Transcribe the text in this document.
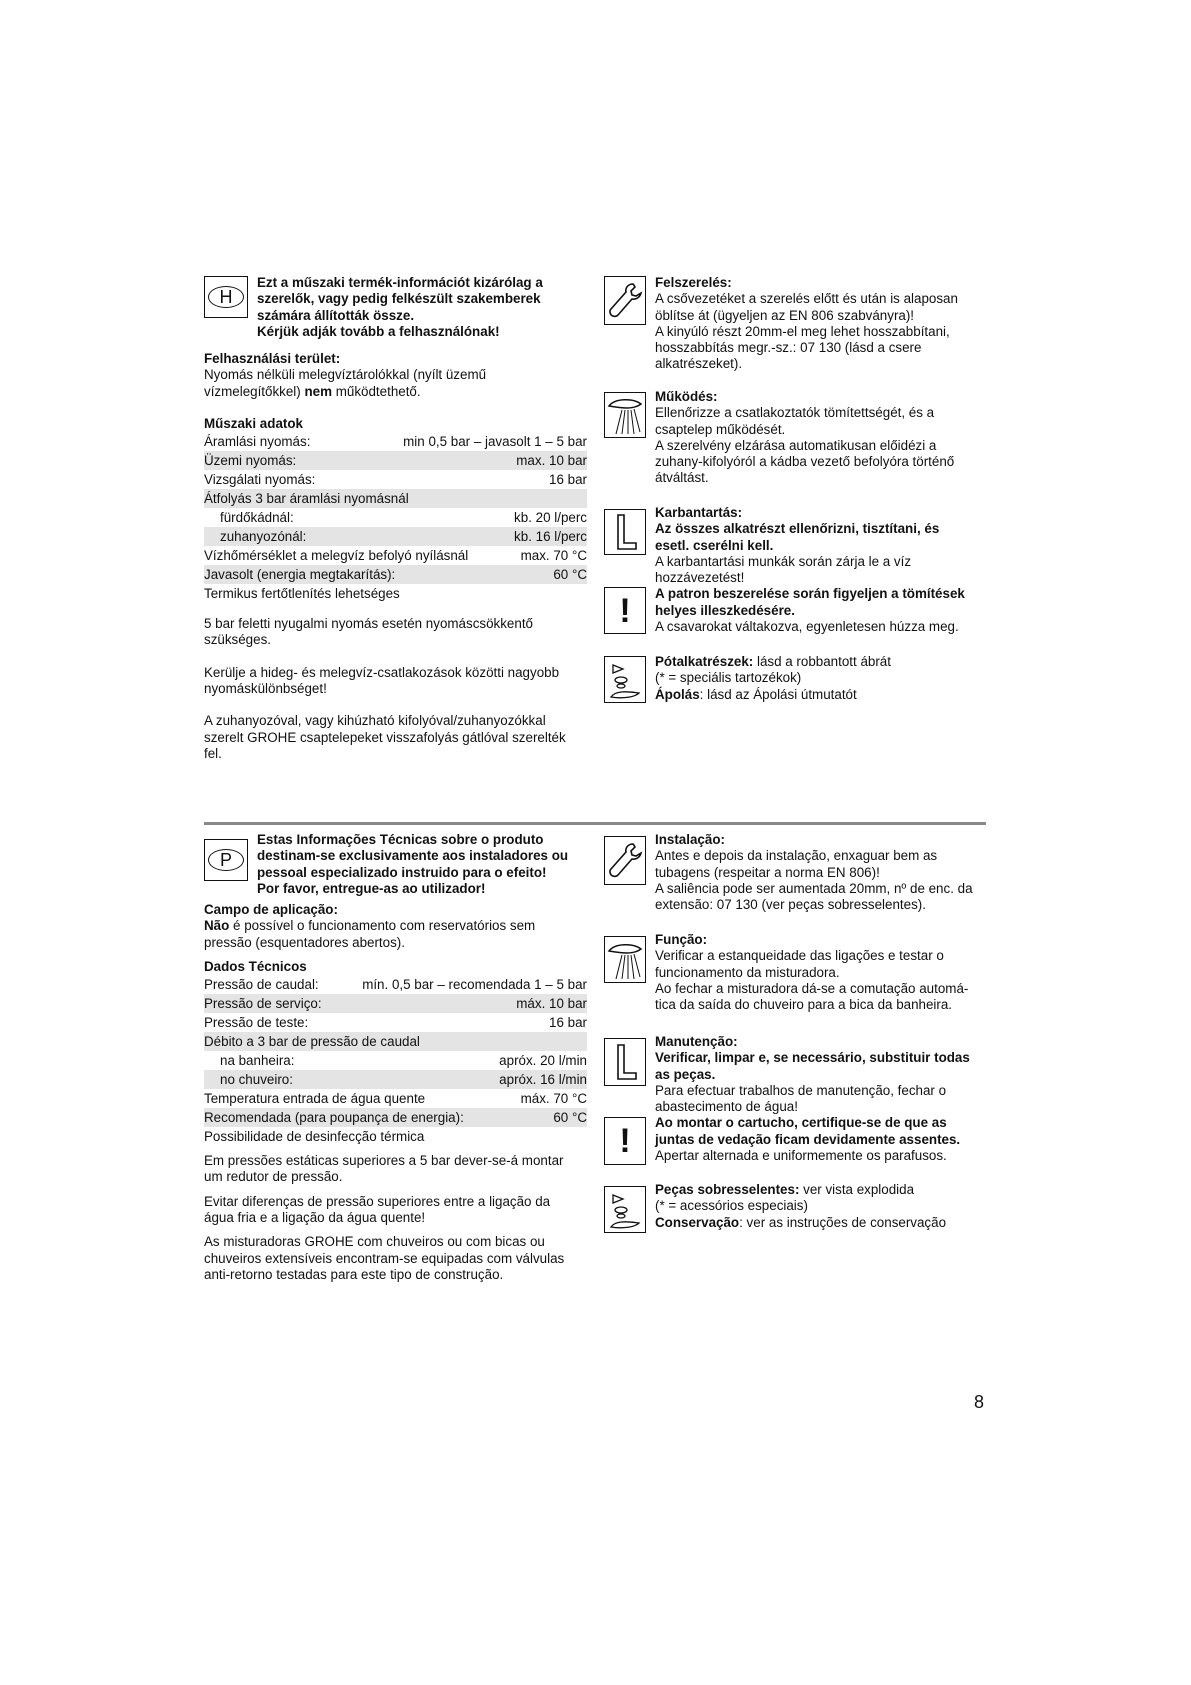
H
Ezt a műszaki termék-információt kizárólag a
szerelők, vagy pedig felkészült szakemberek
számára állították össze.
Kérjük adják tovább a felhasználónak!

Felhasználási terület:

Nyomás nélküli melegvíztárolókkal (nyílt üzemű

vízmelegítőkkel) nem működtethető.

Műszaki adatok

Áramlási nyomás:	min 0,5 bar – javasolt 1 – 5 bar
Üzemi nyomás:	max. 10 bar
Vizsgálati nyomás:	16 bar
Átfolyás 3 bar áramlási nyomásnál
fürdőkádnál:	kb. 20 l/perc
zuhanyozónál:	kb. 16 l/perc
Vízhőmérséklet a melegvíz befolyó nyílásnál	max. 70 °C
Javasolt (energia megtakarítás):	60 °C
Termikus fertőtlenítés lehetséges

5 bar feletti nyugalmi nyomás esetén nyomáscsökkentő

szükséges.

Kerülje a hideg- és melegvíz-csatlakozások közötti nagyobb

nyomáskülönbséget!

A zuhanyozóval, vagy kihúzható kifolyóval/zuhanyozókkal

szerelt GROHE csaptelepeket visszafolyás gátlóval szerelték

fel.

Felszerelés:
A csővezetéket a szerelés előtt és után is alaposan
öblítse át (ügyeljen az EN 806 szabványra)!
A kinyúló részt 20mm-el meg lehet hosszabbítani,
hosszabbítás megr.-sz.: 07 130 (lásd a csere
alkatrészeket).
Működés:
Ellenőrizze a csatlakoztatók tömítettségét, és a
csaptelep működését.
A szerelvény elzárása automatikusan előidézi a
zuhany-kifolyóról a kádba vezető befolyóra történő
átváltást.
Karbantartás:
Az összes alkatrészt ellenőrizni, tisztítani, és
esetl. cserélni kell.
A karbantartási munkák során zárja le a víz
hozzávezetést!
A patron beszerelése során figyeljen a tömítések
helyes illeszkedésére.
A csavarokat váltakozva, egyenletesen húzza meg.
!
Pótalkatrészek: lásd a robbantott ábrát
(* = speciális tartozékok)
Ápolás: lásd az Ápolási útmutatót
P
Estas Informações Técnicas sobre o produto
destinam-se exclusivamente aos instaladores ou
pessoal especializado instruido para o efeito!
Por favor, entregue-as ao utilizador!

Campo de aplicação:

Não é possível o funcionamento com reservatórios sem

pressão (esquentadores abertos).

Dados Técnicos

Pressão de caudal:	mín. 0,5 bar – recomendada 1 – 5 bar
Pressão de serviço:	máx. 10 bar
Pressão de teste:	16 bar
Débito a 3 bar de pressão de caudal
na banheira:	apróx. 20 l/min
no chuveiro:	apróx. 16 l/min
Temperatura entrada de água quente	máx. 70 °C
Recomendada (para poupança de energia):	60 °C
Possibilidade de desinfecção térmica

Em pressões estáticas superiores a 5 bar dever-se-á montar

um redutor de pressão.

Evitar diferenças de pressão superiores entre a ligação da

água fria e a ligação da água quente!

As misturadoras GROHE com chuveiros ou com bicas ou

chuveiros extensíveis encontram-se equipadas com válvulas

anti-retorno testadas para este tipo de construção.

Instalação:
Antes e depois da instalação, enxaguar bem as
tubagens (respeitar a norma EN 806)!
A saliência pode ser aumentada 20mm, nº de enc. da
extensão: 07 130 (ver peças sobresselentes).
Função:
Verificar a estanqueidade das ligações e testar o
funcionamento da misturadora.
Ao fechar a misturadora dá-se a comutação automá-
tica da saída do chuveiro para a bica da banheira.
Manutenção:
Verificar, limpar e, se necessário, substituir todas
as peças.
Para efectuar trabalhos de manutenção, fechar o
abastecimento de água!
Ao montar o cartucho, certifique-se de que as
juntas de vedação ficam devidamente assentes.
Apertar alternada e uniformemente os parafusos.
!
Peças sobresselentes: ver vista explodida
(* = acessórios especiais)
Conservação: ver as instruções de conservação
8
